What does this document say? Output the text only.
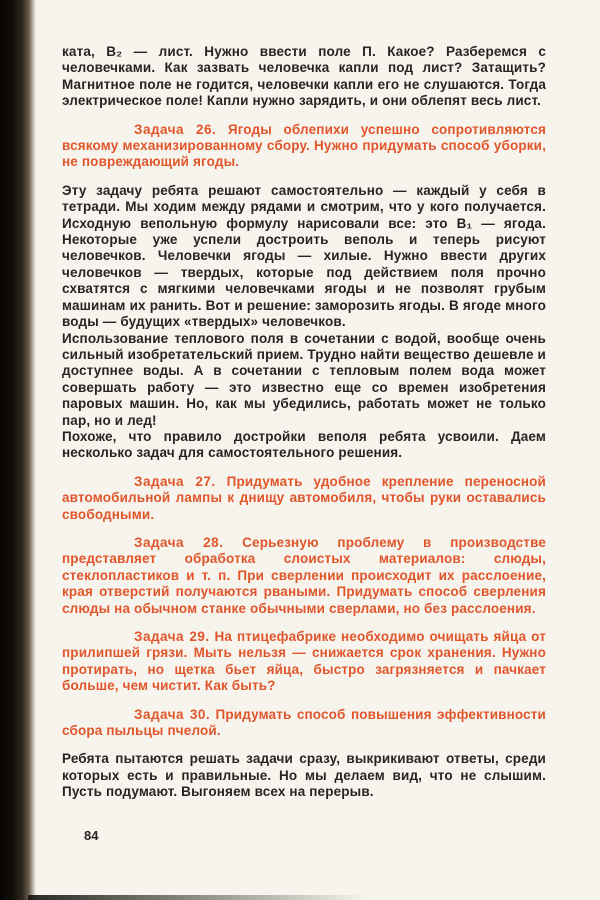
ката, В₂ — лист. Нужно ввести поле П. Какое? Разберемся с человечками. Как зазвать человечка капли под лист? Затащить? Магнитное поле не годится, человечки капли его не слушаются. Тогда электрическое поле! Капли нужно зарядить, и они облепят весь лист.

Задача 26. Ягоды облепихи успешно сопротивляются всякому механизированному сбору. Нужно придумать способ уборки, не повреждающий ягоды.

Эту задачу ребята решают самостоятельно — каждый у себя в тетради. Мы ходим между рядами и смотрим, что у кого получается. Исходную вепольную формулу нарисовали все: это В₁ — ягода. Некоторые уже успели достроить веполь и теперь рисуют человечков. Человечки ягоды — хилые. Нужно ввести других человечков — твердых, которые под действием поля прочно схватятся с мягкими человечками ягоды и не позволят грубым машинам их ранить. Вот и решение: заморозить ягоды. В ягоде много воды — будущих «твердых» человечков.

Использование теплового поля в сочетании с водой, вообще очень сильный изобретательский прием. Трудно найти вещество дешевле и доступнее воды. А в сочетании с тепловым полем вода может совершать работу — это известно еще со времен изобретения паровых машин. Но, как мы убедились, работать может не только пар, но и лед!

Похоже, что правило достройки веполя ребята усвоили. Даем несколько задач для самостоятельного решения.

Задача 27. Придумать удобное крепление переносной автомобильной лампы к днищу автомобиля, чтобы руки оставались свободными.

Задача 28. Серьезную проблему в производстве представляет обработка слоистых материалов: слюды, стеклопластиков и т. п. При сверлении происходит их расслоение, края отверстий получаются рваными. Придумать способ сверления слюды на обычном станке обычными сверлами, но без расслоения.

Задача 29. На птицефабрике необходимо очищать яйца от прилипшей грязи. Мыть нельзя — снижается срок хранения. Нужно протирать, но щетка бьет яйца, быстро загрязняется и пачкает больше, чем чистит. Как быть?

Задача 30. Придумать способ повышения эффективности сбора пыльцы пчелой.

Ребята пытаются решать задачи сразу, выкрикивают ответы, среди которых есть и правильные. Но мы делаем вид, что не слышим. Пусть подумают. Выгоняем всех на перерыв.

84
